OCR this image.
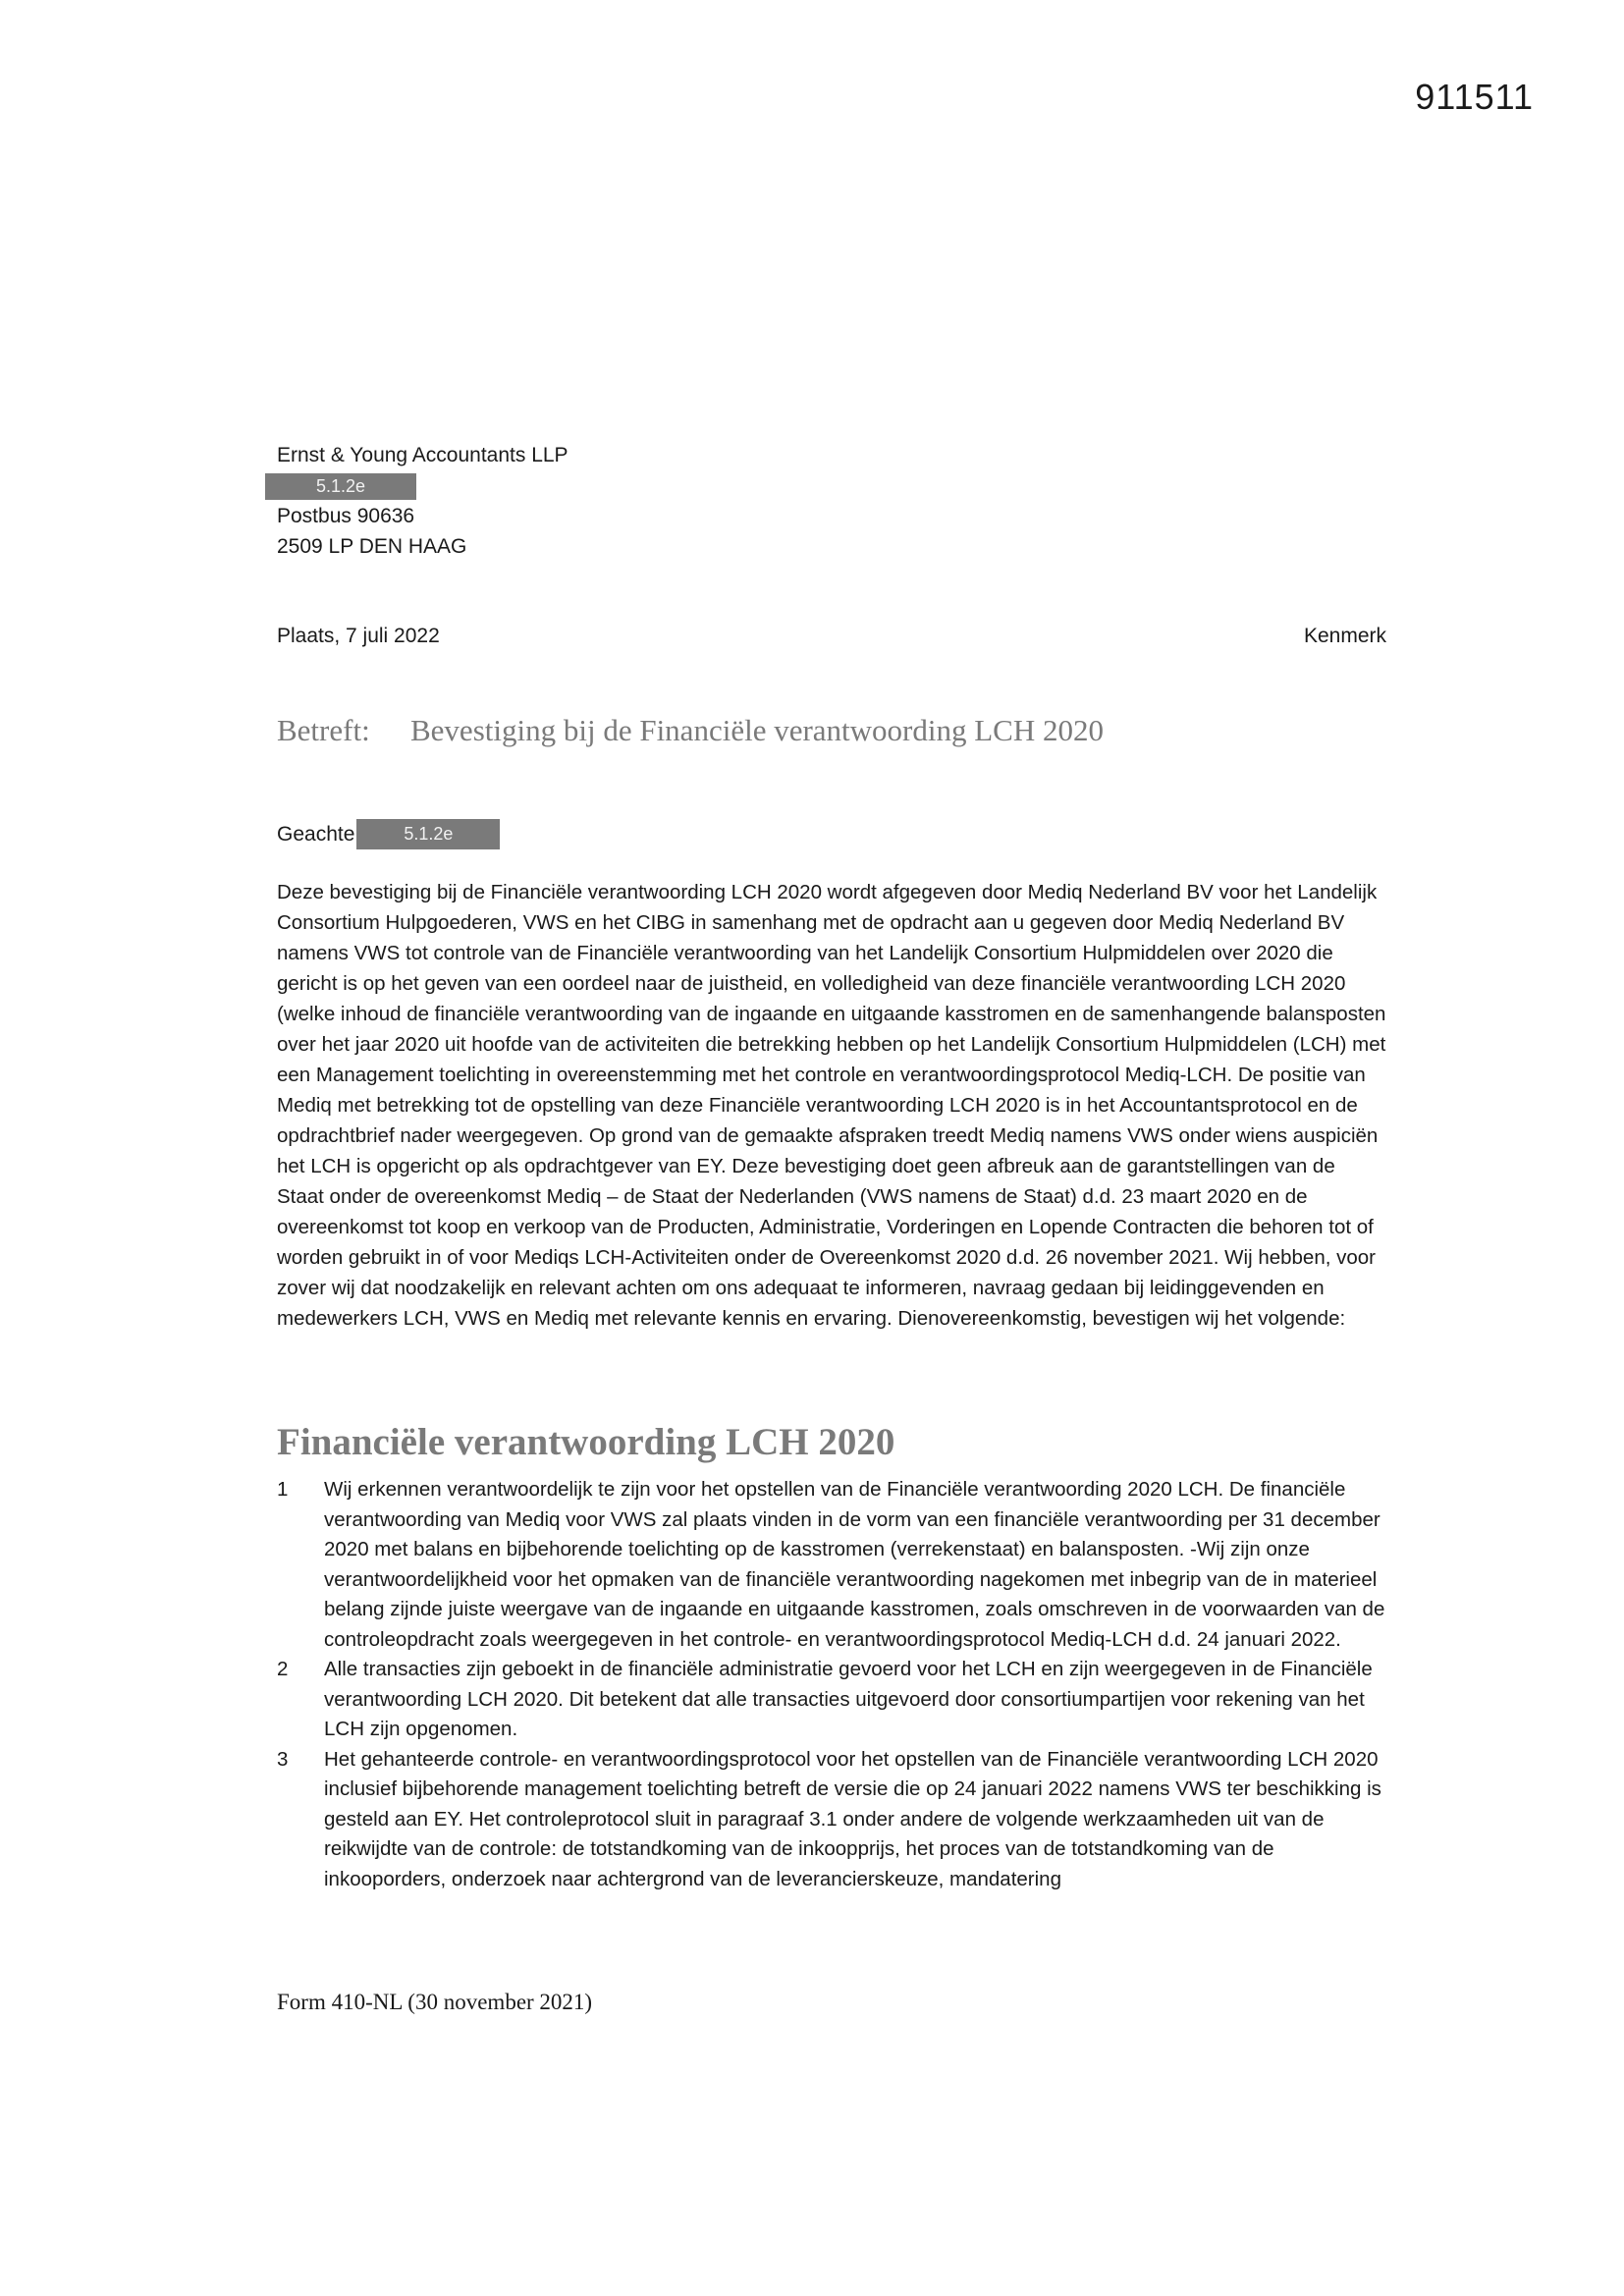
911511
Ernst & Young Accountants LLP
5.1.2e
Postbus 90636
2509 LP DEN HAAG
Plaats, 7 juli 2022	Kenmerk
Betreft: Bevestiging bij de Financiële verantwoording LCH 2020
Geachte	5.1.2e
Deze bevestiging bij de Financiële verantwoording LCH 2020 wordt afgegeven door Mediq Nederland BV voor het Landelijk Consortium Hulpgoederen, VWS en het CIBG in samenhang met de opdracht aan u gegeven door Mediq Nederland BV namens VWS tot controle van de Financiële verantwoording van het Landelijk Consortium Hulpmiddelen over 2020 die gericht is op het geven van een oordeel naar de juistheid, en volledigheid van deze financiële verantwoording LCH 2020 (welke inhoud de financiële verantwoording van de ingaande en uitgaande kasstromen en de samenhangende balansposten over het jaar 2020 uit hoofde van de activiteiten die betrekking hebben op het Landelijk Consortium Hulpmiddelen (LCH) met een Management toelichting in overeenstemming met het controle en verantwoordingsprotocol Mediq-LCH. De positie van Mediq met betrekking tot de opstelling van deze Financiële verantwoording LCH 2020 is in het Accountantsprotocol en de opdrachtbrief nader weergegeven. Op grond van de gemaakte afspraken treedt Mediq namens VWS onder wiens auspiciën het LCH is opgericht op als opdrachtgever van EY. Deze bevestiging doet geen afbreuk aan de garantstellingen van de Staat onder de overeenkomst Mediq – de Staat der Nederlanden (VWS namens de Staat) d.d. 23 maart 2020 en de overeenkomst tot koop en verkoop van de Producten, Administratie, Vorderingen en Lopende Contracten die behoren tot of worden gebruikt in of voor Mediqs LCH-Activiteiten onder de Overeenkomst 2020 d.d. 26 november 2021. Wij hebben, voor zover wij dat noodzakelijk en relevant achten om ons adequaat te informeren, navraag gedaan bij leidinggevenden en medewerkers LCH, VWS en Mediq met relevante kennis en ervaring. Dienovereenkomstig, bevestigen wij het volgende:
Financiële verantwoording LCH 2020
1	Wij erkennen verantwoordelijk te zijn voor het opstellen van de Financiële verantwoording 2020 LCH. De financiële verantwoording van Mediq voor VWS zal plaats vinden in de vorm van een financiële verantwoording per 31 december 2020 met balans en bijbehorende toelichting op de kasstromen (verrekenstaat) en balansposten. -Wij zijn onze verantwoordelijkheid voor het opmaken van de financiële verantwoording nagekomen met inbegrip van de in materieel belang zijnde juiste weergave van de ingaande en uitgaande kasstromen, zoals omschreven in de voorwaarden van de controleopdracht zoals weergegeven in het controle- en verantwoordingsprotocol Mediq-LCH d.d. 24 januari 2022.
2	Alle transacties zijn geboekt in de financiële administratie gevoerd voor het LCH en zijn weergegeven in de Financiële verantwoording LCH 2020. Dit betekent dat alle transacties uitgevoerd door consortiumpartijen voor rekening van het LCH zijn opgenomen.
3	Het gehanteerde controle- en verantwoordingsprotocol voor het opstellen van de Financiële verantwoording LCH 2020 inclusief bijbehorende management toelichting betreft de versie die op 24 januari 2022 namens VWS ter beschikking is gesteld aan EY. Het controleprotocol sluit in paragraaf 3.1 onder andere de volgende werkzaamheden uit van de reikwijdte van de controle: de totstandkoming van de inkoopprijs, het proces van de totstandkoming van de inkooporders, onderzoek naar achtergrond van de leverancierskeuze, mandatering
Form 410-NL (30 november 2021)
